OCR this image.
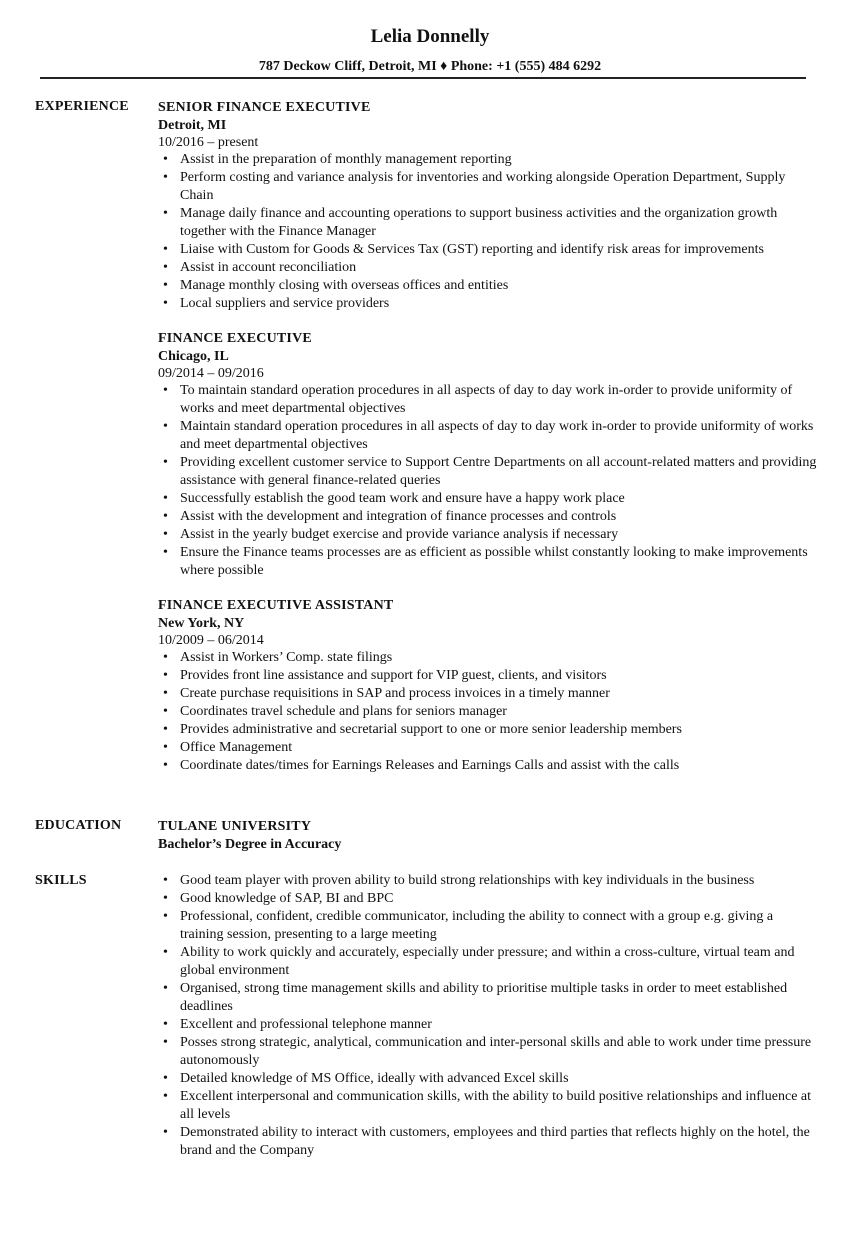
Lelia Donnelly
787 Deckow Cliff, Detroit, MI ♦ Phone: +1 (555) 484 6292
EXPERIENCE SENIOR FINANCE EXECUTIVE
Detroit, MI
10/2016 – present
• Assist in the preparation of monthly management reporting
• Perform costing and variance analysis for inventories and working alongside Operation Department, Supply Chain
• Manage daily finance and accounting operations to support business activities and the organization growth together with the Finance Manager
• Liaise with Custom for Goods & Services Tax (GST) reporting and identify risk areas for improvements
• Assist in account reconciliation
• Manage monthly closing with overseas offices and entities
• Local suppliers and service providers
FINANCE EXECUTIVE
Chicago, IL
09/2014 – 09/2016
• To maintain standard operation procedures in all aspects of day to day work in-order to provide uniformity of works and meet departmental objectives
• Maintain standard operation procedures in all aspects of day to day work in-order to provide uniformity of works and meet departmental objectives
• Providing excellent customer service to Support Centre Departments on all account-related matters and providing assistance with general finance-related queries
• Successfully establish the good team work and ensure have a happy work place
• Assist with the development and integration of finance processes and controls
• Assist in the yearly budget exercise and provide variance analysis if necessary
• Ensure the Finance teams processes are as efficient as possible whilst constantly looking to make improvements where possible
FINANCE EXECUTIVE ASSISTANT
New York, NY
10/2009 – 06/2014
• Assist in Workers’ Comp. state filings
• Provides front line assistance and support for VIP guest, clients, and visitors
• Create purchase requisitions in SAP and process invoices in a timely manner
• Coordinates travel schedule and plans for seniors manager
• Provides administrative and secretarial support to one or more senior leadership members
• Office Management
• Coordinate dates/times for Earnings Releases and Earnings Calls and assist with the calls
EDUCATION	TULANE UNIVERSITY
Bachelor’s Degree in Accuracy
SKILLS
•	Good team player with proven ability to build strong relationships with key individuals in the business
• Good knowledge of SAP, BI and BPC
• Professional, confident, credible communicator, including the ability to connect with a group e.g. giving a training session, presenting to a large meeting
• Ability to work quickly and accurately, especially under pressure; and within a cross-culture, virtual team and global environment
• Organised, strong time management skills and ability to prioritise multiple tasks in order to meet established deadlines
• Excellent and professional telephone manner
• Posses strong strategic, analytical, communication and inter-personal skills and able to work under time pressure autonomously
• Detailed knowledge of MS Office, ideally with advanced Excel skills
• Excellent interpersonal and communication skills, with the ability to build positive relationships and influence at all levels
• Demonstrated ability to interact with customers, employees and third parties that reflects highly on the hotel, the brand and the Company
